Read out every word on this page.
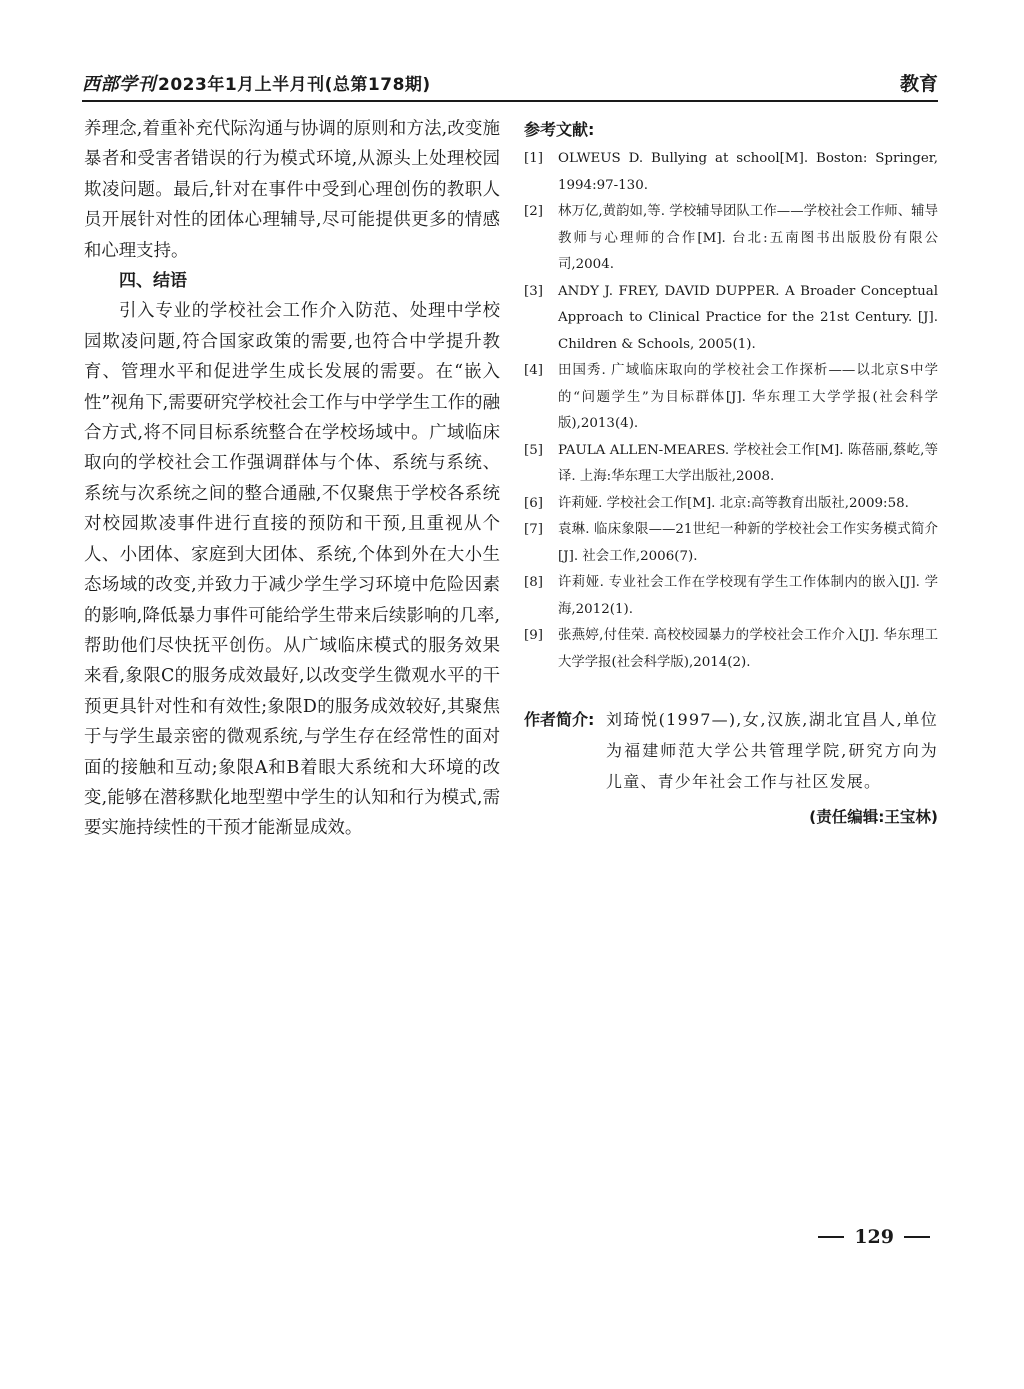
西部学刊 2023年1月上半月刊(总第178期)	教育

养理念,着重补充代际沟通与协调的原则和方法,改变施暴者和受害者错误的行为模式环境,从源头上处理校园欺凌问题。最后,针对在事件中受到心理创伤的教职人员开展针对性的团体心理辅导,尽可能提供更多的情感和心理支持。

四、结语

引入专业的学校社会工作介入防范、处理中学校园欺凌问题,符合国家政策的需要,也符合中学提升教育、管理水平和促进学生成长发展的需要。在“嵌入性”视角下,需要研究学校社会工作与中学学生工作的融合方式,将不同目标系统整合在学校场域中。广域临床取向的学校社会工作强调群体与个体、系统与系统、系统与次系统之间的整合通融,不仅聚焦于学校各系统对校园欺凌事件进行直接的预防和干预,且重视从个人、小团体、家庭到大团体、系统,个体到外在大小生态场域的改变,并致力于减少学生学习环境中危险因素的影响,降低暴力事件可能给学生带来后续影响的几率,帮助他们尽快抚平创伤。从广域临床模式的服务效果来看,象限C的服务成效最好,以改变学生微观水平的干预更具针对性和有效性;象限D的服务成效较好,其聚焦于与学生最亲密的微观系统,与学生存在经常性的面对面的接触和互动;象限A和B着眼大系统和大环境的改变,能够在潜移默化地型塑中学生的认知和行为模式,需要实施持续性的干预才能渐显成效。

参考文献:

[1]	OLWEUS D. Bullying at school[M]. Boston: Springer, 1994:97-130.
[2]	林万亿,黄韵如,等. 学校辅导团队工作——学校社会工作师、辅导教师与心理师的合作[M]. 台北:五南图书出版股份有限公司,2004.
[3]	ANDY J. FREY, DAVID DUPPER. A Broader Conceptual Approach to Clinical Practice for the 21st Century. [J]. Children & Schools, 2005(1).
[4]	田国秀. 广域临床取向的学校社会工作探析——以北京S中学的“问题学生”为目标群体[J]. 华东理工大学学报(社会科学版),2013(4).
[5]	PAULA ALLEN-MEARES. 学校社会工作[M]. 陈蓓丽,蔡屹,等译. 上海:华东理工大学出版社,2008.
[6]	许莉娅. 学校社会工作[M]. 北京:高等教育出版社,2009:58.
[7]	袁琳. 临床象限——21世纪一种新的学校社会工作实务模式简介[J]. 社会工作,2006(7).
[8]	许莉娅. 专业社会工作在学校现有学生工作体制内的嵌入[J]. 学海,2012(1).
[9]	张燕婷,付佳荣. 高校校园暴力的学校社会工作介入[J]. 华东理工大学学报(社会科学版),2014(2).
作者简介: 刘琦悦(1997—),女,汉族,湖北宜昌人,单位为福建师范大学公共管理学院,研究方向为儿童、青少年社会工作与社区发展。
(责任编辑:王宝林)
129
